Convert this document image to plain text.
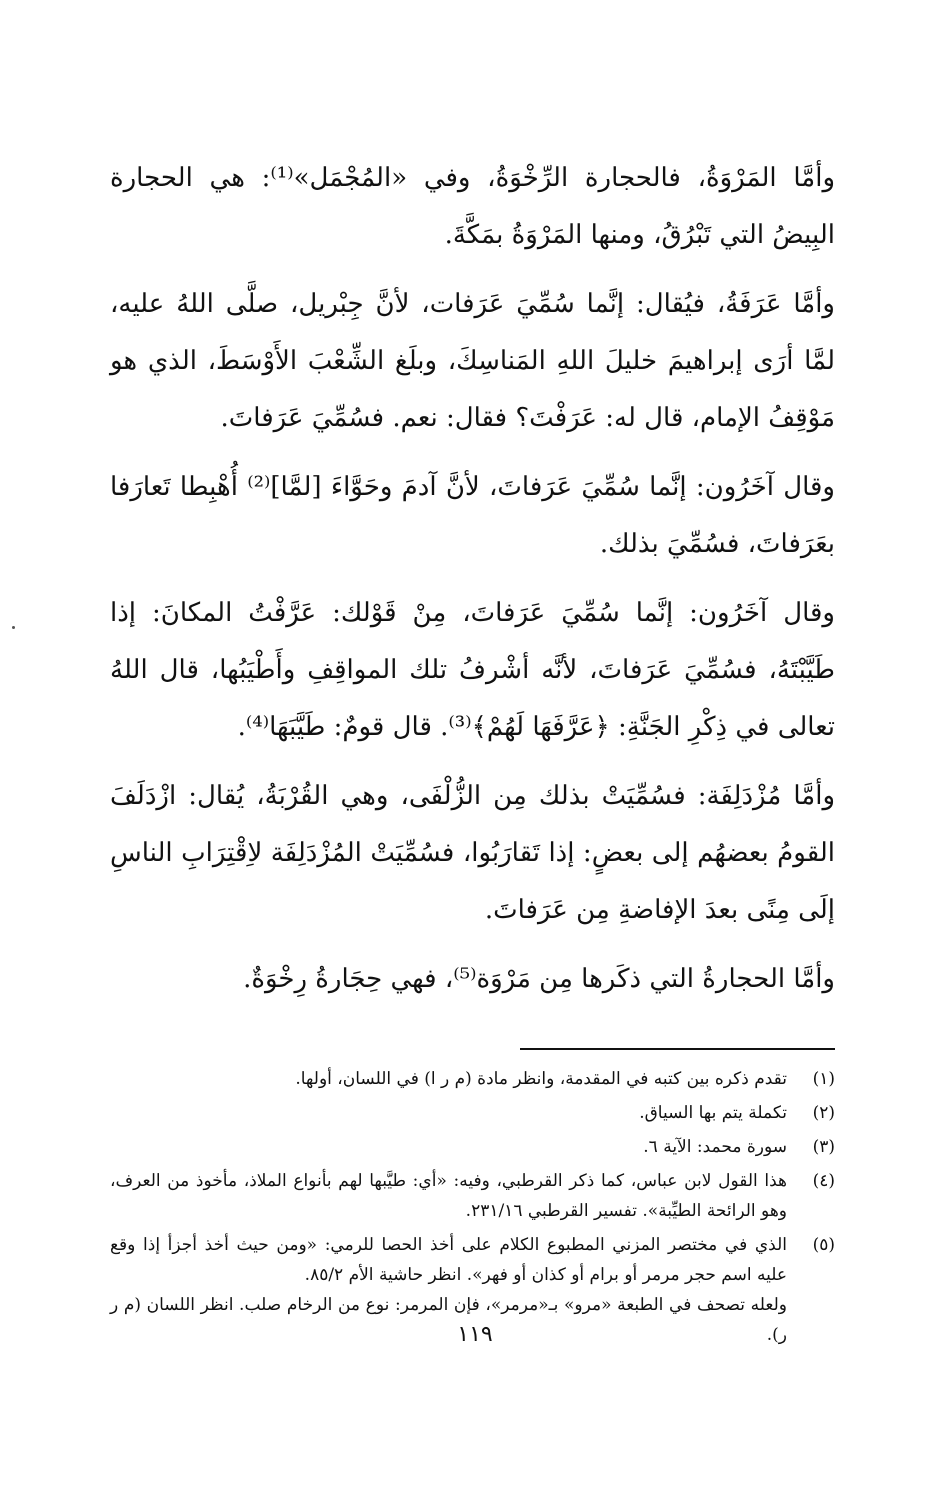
وأمَّا المَرْوَةُ، فالحجارة الرِّخْوَةُ، وفي «المُجْمَل»⁽¹⁾: هي الحجارة البِيضُ التي تَبْرُقُ، ومنها المَرْوَةُ بمَكَّةَ.

وأمَّا عَرَفَةُ، فيُقال: إنَّما سُمِّيَ عَرَفات، لأنَّ جِبْريل، صلَّى اللهُ عليه، لمَّا أرَى إبراهيمَ خليلَ اللهِ المَناسِكَ، وبلَغ الشِّعْبَ الأَوْسَطَ، الذي هو مَوْقِفُ الإمام، قال له: عَرَفْتَ؟ فقال: نعم. فسُمِّيَ عَرَفاتَ.

وقال آخَرُون: إنَّما سُمِّيَ عَرَفاتَ، لأنَّ آدمَ وحَوَّاءَ [لمَّا]⁽²⁾ أُهْبِطا تَعارَفا بعَرَفاتَ، فسُمِّيَ بذلك.

وقال آخَرُون: إنَّما سُمِّيَ عَرَفاتَ، مِنْ قَوْلك: عَرَّفْتُ المكانَ: إذا طَيَّبْتَهُ، فسُمِّيَ عَرَفاتَ، لأنَّه أشْرفُ تلك المواقِفِ وأَطْيَبُها، قال اللهُ تعالى في ذِكْرِ الجَنَّةِ: ﴿عَرَّفَهَا لَهُمْ﴾⁽³⁾. قال قومٌ: طَيَّبَهَا⁽⁴⁾.

وأمَّا مُزْدَلِفَة: فسُمِّيَتْ بذلك مِن الزُّلْفَى، وهي القُرْبَةُ، يُقال: ازْدَلَفَ القومُ بعضهُم إلى بعضٍ: إذا تَقارَبُوا، فسُمِّيَتْ المُزْدَلِفَة لاِقْتِرَابِ الناسِ إلَى مِنًى بعدَ الإفاضةِ مِن عَرَفاتَ.

وأمَّا الحجارةُ التي ذكَرها مِن مَرْوَة⁽⁵⁾، فهي حِجَارةُ رِخْوَةٌ.

(١)
تقدم ذكره بين كتبه في المقدمة، وانظر مادة (م ر ا) في اللسان، أولها.
(٢)
تكملة يتم بها السياق.
(٣)
سورة محمد: الآية ٦.
(٤)
هذا القول لابن عباس، كما ذكر القرطبي، وفيه: «أي: طيَّبها لهم بأنواع الملاذ، مأخوذ من العرف، وهو الرائحة الطيِّبة». تفسير القرطبي ٢٣١/١٦.
(٥)
الذي في مختصر المزني المطبوع الكلام على أخذ الحصا للرمي: «ومن حيث أخذ أجزأ إذا وقع عليه اسم حجر مرمر أو برام أو كذان أو فهر». انظر حاشية الأم ٨٥/٢.
ولعله تصحف في الطبعة «مرو» بـ«مرمر»، فإن المرمر: نوع من الرخام صلب. انظر اللسان (م ر ر).
١١٩
